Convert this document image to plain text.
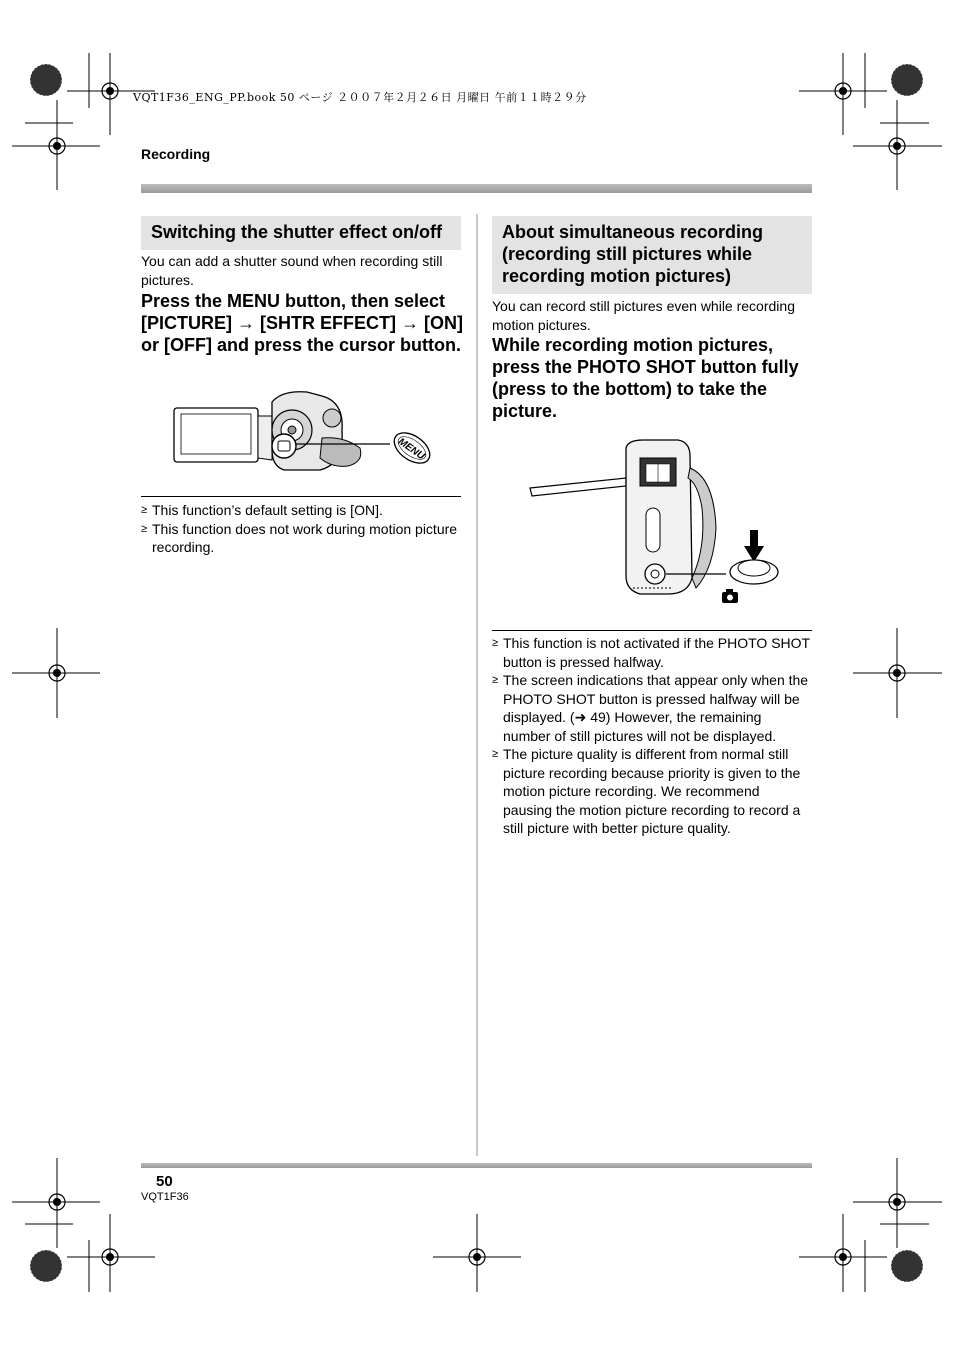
VQT1F36_ENG_PP.book 50 ページ ２００７年２月２６日 月曜日 午前１１時２９分
Recording
Switching the shutter effect on/off
You can add a shutter sound when recording still pictures.
Press the MENU button, then select [PICTURE] → [SHTR EFFECT] → [ON] or [OFF] and press the cursor button.
MENU
≥ This function’s default setting is [ON].
≥ This function does not work during motion picture recording.
About simultaneous recording (recording still pictures while recording motion pictures)
You can record still pictures even while recording motion pictures.
While recording motion pictures, press the PHOTO SHOT button fully (press to the bottom) to take the picture.
≥ This function is not activated if the PHOTO SHOT button is pressed halfway.
≥ The screen indications that appear only when the PHOTO SHOT button is pressed halfway will be displayed. (➜ 49) However, the remaining number of still pictures will not be displayed.
≥ The picture quality is different from normal still picture recording because priority is given to the motion picture recording. We recommend pausing the motion picture recording to record a still picture with better picture quality.
50
VQT1F36
